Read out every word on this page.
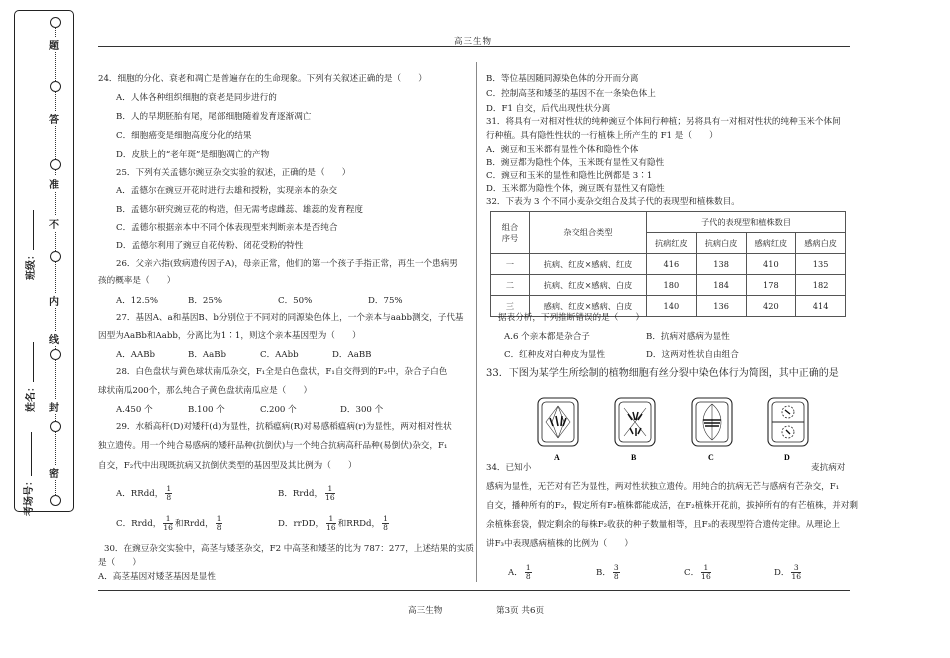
题
答
准
不
内
线
封
密
班级：
姓名：
考场号：
高三生物
高三生物	第3页 共6页
24．细胞的分化、衰老和凋亡是普遍存在的生命现象。下列有关叙述正确的是（　　）
A．人体各种组织细胞的衰老是同步进行的
B．人的早期胚胎有尾，尾部细胞随着发育逐渐凋亡
C．细胞癌变是细胞高度分化的结果
D．皮肤上的“老年斑”是细胞凋亡的产物
25．下列有关孟德尔豌豆杂交实验的叙述，正确的是（　　）
A．孟德尔在豌豆开花时进行去雄和授粉，实现亲本的杂交
B．孟德尔研究豌豆花的构造，但无需考虑雌蕊、雄蕊的发育程度
C．孟德尔根据亲本中不同个体表现型来判断亲本是否纯合
D．孟德尔利用了豌豆自花传粉、闭花受粉的特性
26．父亲六指(致病遗传因子A)，母亲正常，他们的第一个孩子手指正常，再生一个患病男
孩的概率是（　　）
A．12.5%	B．25%	C．50%	D．75%
27．基因A、a和基因B、b分别位于不同对的同源染色体上，一个亲本与aabb测交，子代基
因型为AaBb和Aabb，分离比为1∶1，则这个亲本基因型为（　　）
A．AABb	B．AaBb	C．AAbb	D．AaBB
28．白色盘状与黄色球状南瓜杂交，F₁全是白色盘状，F₁自交得到的F₂中，杂合子白色
球状南瓜200个，那么纯合子黄色盘状南瓜应是（　　）
A.450 个	B.100 个	C.200 个	D．300 个
29．水稻高秆(D)对矮秆(d)为显性，抗稻瘟病(R)对易感稻瘟病(r)为显性，两对相对性状
独立遗传。用一个纯合易感病的矮秆品种(抗倒伏)与一个纯合抗病高秆品种(易倒伏)杂交，F₁
自交，F₂代中出现既抗病又抗倒伏类型的基因型及其比例为（　　）
A．RRdd， $\frac{1}{8}$	B．Rrdd， $\frac{1}{16}$
C．Rrdd， $\frac{1}{16}$ 和Rrdd， $\frac{1}{8}$	D．rrDD， $\frac{1}{16}$ 和RRDd， $\frac{1}{8}$
30．在豌豆杂交实验中，高茎与矮茎杂交，F2 中高茎和矮茎的比为 787：277，上述结果的实质
是（　　）
A．高茎基因对矮茎基因是显性
B．等位基因随同源染色体的分开而分离
C．控制高茎和矮茎的基因不在一条染色体上
D．F1 自交，后代出现性状分离
31．将具有一对相对性状的纯种豌豆个体间行种植；另将具有一对相对性状的纯种玉米个体间
行种植。具有隐性性状的一行植株上所产生的 F1 是（　　）
A．豌豆和玉米都有显性个体和隐性个体
B．豌豆都为隐性个体，玉米既有显性又有隐性
C．豌豆和玉米的显性和隐性比例都是 3∶1
D．玉米都为隐性个体，豌豆既有显性又有隐性
32．下表为 3 个不同小麦杂交组合及其子代的表现型和植株数目。
组合
序号	杂交组合类型	子代的表现型和植株数目			
		抗病红皮	抗病白皮	感病红皮	感病白皮
一	抗病、红皮×感病、红皮	416	138	410	135
二	抗病、红皮×感病、白皮	180	184	178	182
三	感病、红皮×感病、白皮	140	136	420	414
据表分析，下列推断错误的是（　　）
A.6 个亲本都是杂合子	B．抗病对感病为显性
C．红种皮对白种皮为显性	D．这两对性状自由组合
33．下图为某学生所绘制的植物细胞有丝分裂中染色体行为简图，其中正确的是
A	B	C	D
34．已知小	麦抗病对
感病为显性，无芒对有芒为显性，两对性状独立遗传。用纯合的抗病无芒与感病有芒杂交，F₁
自交，播种所有的F₂，假定所有F₂植株都能成活，在F₂植株开花前，拔掉所有的有芒植株，并对剩
余植株套袋，假定剩余的每株F₂收获的种子数量相等，且F₃的表现型符合遗传定律。从理论上
讲F₃中表现感病植株的比例为（　　）
A． $\frac{1}{8}$	B． $\frac{3}{8}$	C． $\frac{1}{16}$	D． $\frac{3}{16}$
